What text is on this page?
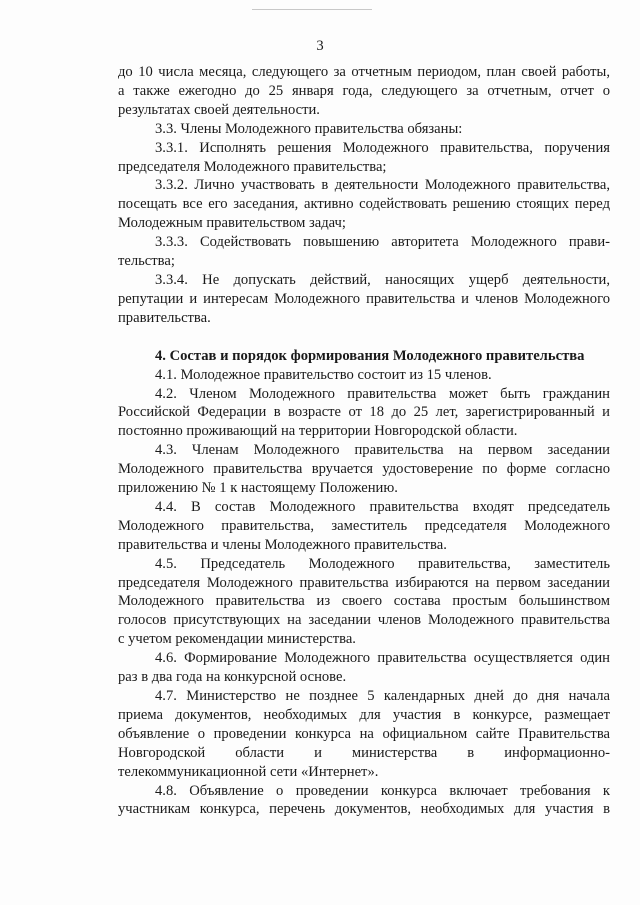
3

до 10 числа месяца, следующего за отчетным периодом, план своей работы,

а также ежегодно до 25 января года, следующего за отчетным, отчет о

результатах своей деятельности.

3.3. Члены Молодежного правительства обязаны:

3.3.1. Исполнять решения Молодежного правительства, поручения

председателя Молодежного правительства;

3.3.2. Лично участвовать в деятельности Молодежного правительства,

посещать все его заседания, активно содействовать решению стоящих перед

Молодежным правительством задач;

3.3.3. Содействовать повышению авторитета Молодежного прави-

тельства;

3.3.4. Не допускать действий, наносящих ущерб деятельности,

репутации и интересам Молодежного правительства и членов Молодежного

правительства.

4. Состав и порядок формирования Молодежного правительства

4.1. Молодежное правительство состоит из 15 членов.

4.2. Членом Молодежного правительства может быть гражданин

Российской Федерации в возрасте от 18 до 25 лет, зарегистрированный и

постоянно проживающий на территории Новгородской области.

4.3. Членам Молодежного правительства на первом заседании

Молодежного правительства вручается удостоверение по форме согласно

приложению № 1 к настоящему Положению.

4.4. В состав Молодежного правительства входят председатель

Молодежного правительства, заместитель председателя Молодежного

правительства и члены Молодежного правительства.

4.5. Председатель Молодежного правительства, заместитель

председателя Молодежного правительства избираются на первом заседании

Молодежного правительства из своего состава простым большинством

голосов присутствующих на заседании членов Молодежного правительства

с учетом рекомендации министерства.

4.6. Формирование Молодежного правительства осуществляется один

раз в два года на конкурсной основе.

4.7. Министерство не позднее 5 календарных дней до дня начала

приема документов, необходимых для участия в конкурсе, размещает

объявление о проведении конкурса на официальном сайте Правительства

Новгородской области и министерства в информационно-

телекоммуникационной сети «Интернет».

4.8. Объявление о проведении конкурса включает требования к

участникам конкурса, перечень документов, необходимых для участия в
